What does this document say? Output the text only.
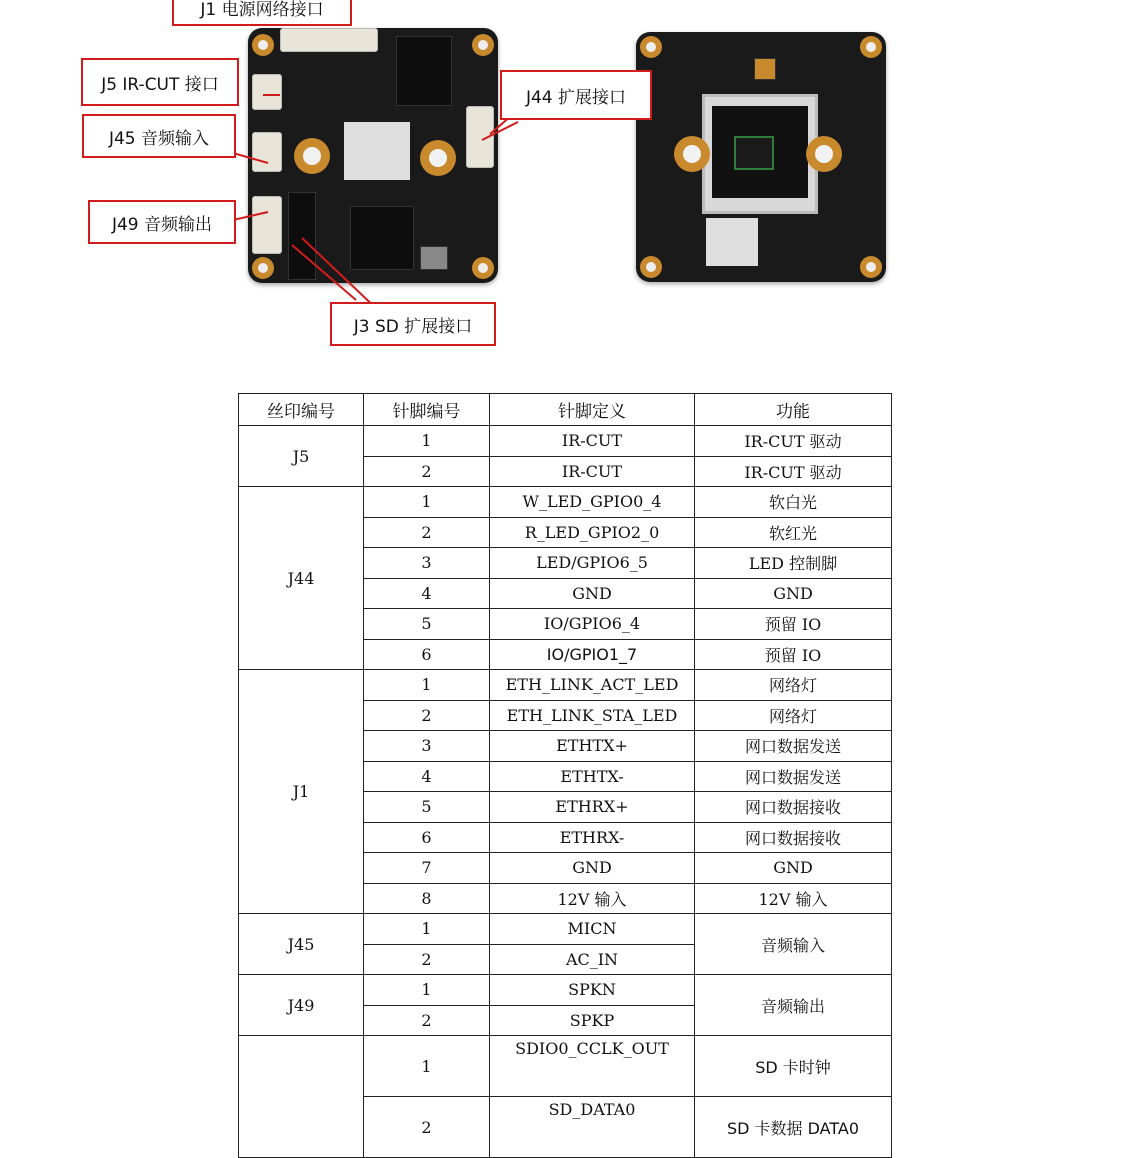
J1 电源网络接口
J5 IR-CUT 接口
J45 音频输入
J49 音频输出
J44 扩展接口
J3 SD 扩展接口
丝印编号	针脚编号	针脚定义	功能
J5	1	IR-CUT	IR-CUT 驱动
	2	IR-CUT	IR-CUT 驱动
J44	1	W_LED_GPIO0_4	软白光
	2	R_LED_GPIO2_0	软红光
	3	LED/GPIO6_5	LED 控制脚
	4	GND	GND
	5	IO/GPIO6_4	预留 IO
	6	IO/GPIO1_7	预留 IO
J1	1	ETH_LINK_ACT_LED	网络灯
	2	ETH_LINK_STA_LED	网络灯
	3	ETHTX+	网口数据发送
	4	ETHTX-	网口数据发送
	5	ETHRX+	网口数据接收
	6	ETHRX-	网口数据接收
	7	GND	GND
	8	12V 输入	12V 输入
J45	1	MICN	音频输入
	2	AC_IN	
J49	1	SPKN	音频输出
	2	SPKP	
	1	SDIO0_CCLK_OUT	SD 卡时钟
	2	SD_DATA0	SD 卡数据 DATA0
